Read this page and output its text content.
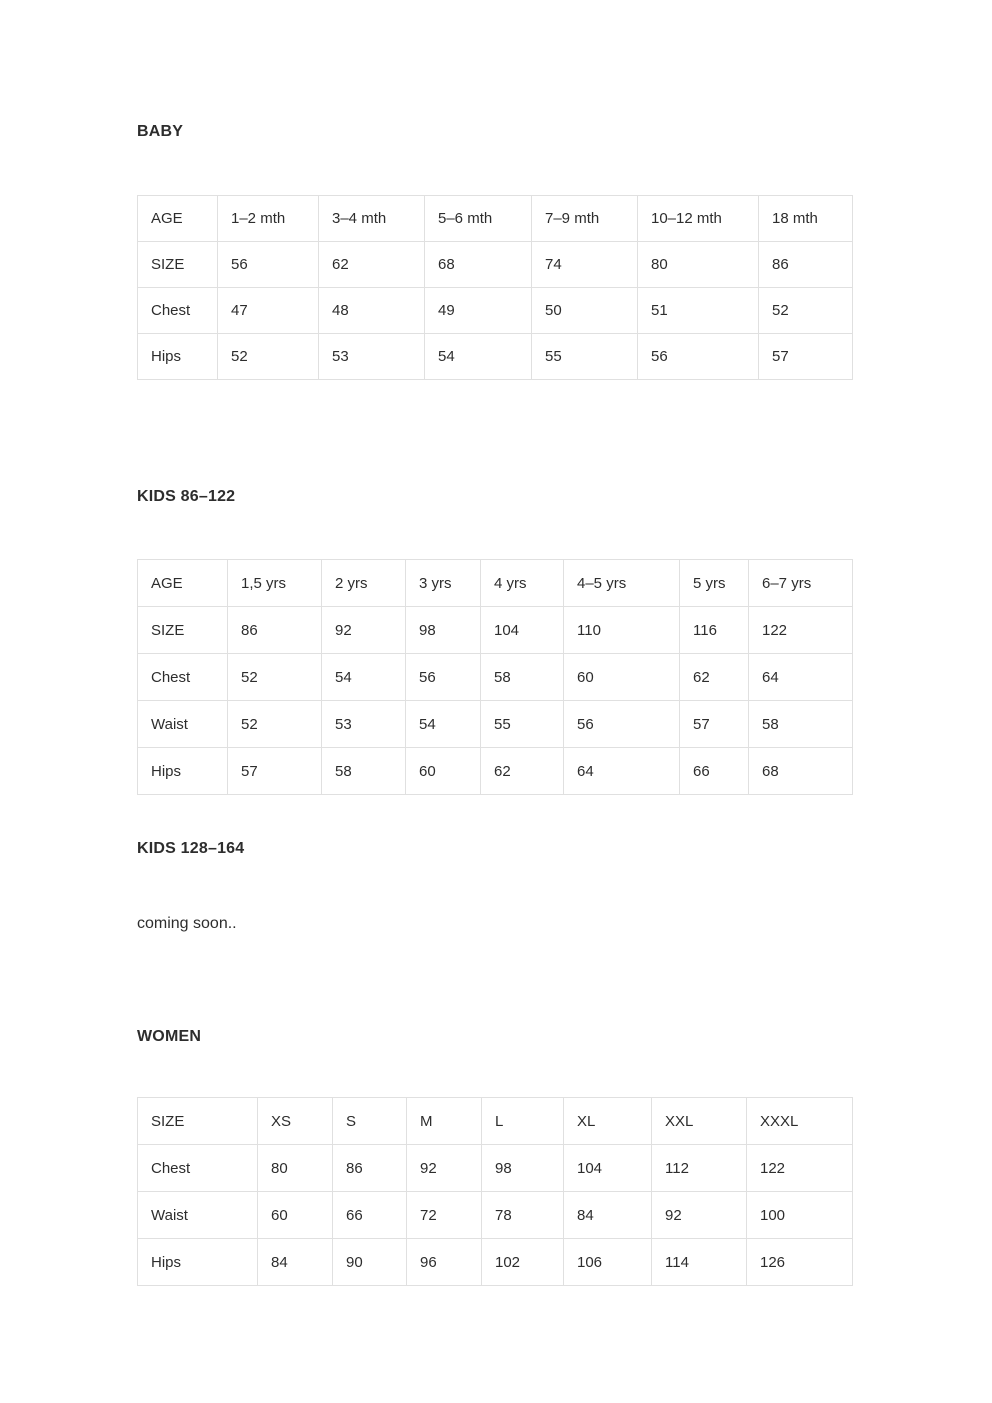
BABY
AGE	1–2 mth	3–4 mth	5–6 mth	7–9 mth	10–12 mth	18 mth
SIZE	56	62	68	74	80	86
Chest	47	48	49	50	51	52
Hips	52	53	54	55	56	57
KIDS 86–122
AGE	1,5 yrs	2 yrs	3 yrs	4 yrs	4–5 yrs	5 yrs	6–7 yrs
SIZE	86	92	98	104	110	116	122
Chest	52	54	56	58	60	62	64
Waist	52	53	54	55	56	57	58
Hips	57	58	60	62	64	66	68
KIDS 128–164

coming soon..

WOMEN
SIZE	XS	S	M	L	XL	XXL	XXXL
Chest	80	86	92	98	104	112	122
Waist	60	66	72	78	84	92	100
Hips	84	90	96	102	106	114	126
